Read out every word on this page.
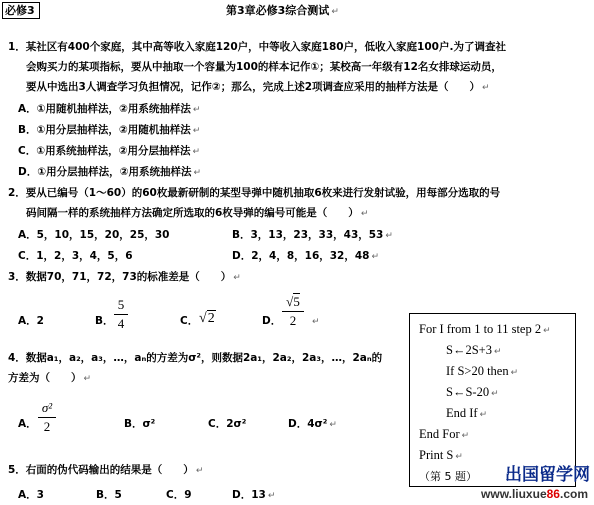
必修3	第3章必修3综合测试 ↵
1．某社区有400个家庭，其中高等收入家庭120户，中等收入家庭180户，低收入家庭100户.为了调查社
会购买力的某项指标，要从中抽取一个容量为100的样本记作①；某校高一年级有12名女排球运动员，
要从中选出3人调查学习负担情况，记作②；那么，完成上述2项调查应采用的抽样方法是（　　） ↵
A．①用随机抽样法，②用系统抽样法 ↵
B．①用分层抽样法，②用随机抽样法 ↵
C．①用系统抽样法，②用分层抽样法 ↵
D．①用分层抽样法，②用系统抽样法 ↵
2．要从已编号（1～60）的60枚最新研制的某型导弹中随机抽取6枚来进行发射试验，用每部分选取的号
码间隔一样的系统抽样方法确定所选取的6枚导弹的编号可能是（　　） ↵
A．5，10，15，20，25，30	B．3，13，23，33，43，53 ↵
C．1，2，3，4，5，6	D．2，4，8，16，32，48 ↵
3．数据70，71，72，73的标准差是（　　） ↵
A．2	B．
5
4	C． √2	D．
√5
2	↵
4．数据a₁，a₂，a₃，…，aₙ的方差为σ²，则数据2a₁，2a₂，2a₃，…，2aₙ的
方差为（　　） ↵
A．
σ²
2	B．σ²	C．2σ²	D．4σ² ↵
5．右面的伪代码输出的结果是（　　） ↵
A．3	B．5	C．9	D．13 ↵
For I from 1 to 11 step 2 ↵
S←2S+3 ↵
If S>20 then ↵
S←S-20 ↵
End If ↵
End For ↵
Print S ↵
（第 5 题） 出国留学网
www.liuxue86.com
